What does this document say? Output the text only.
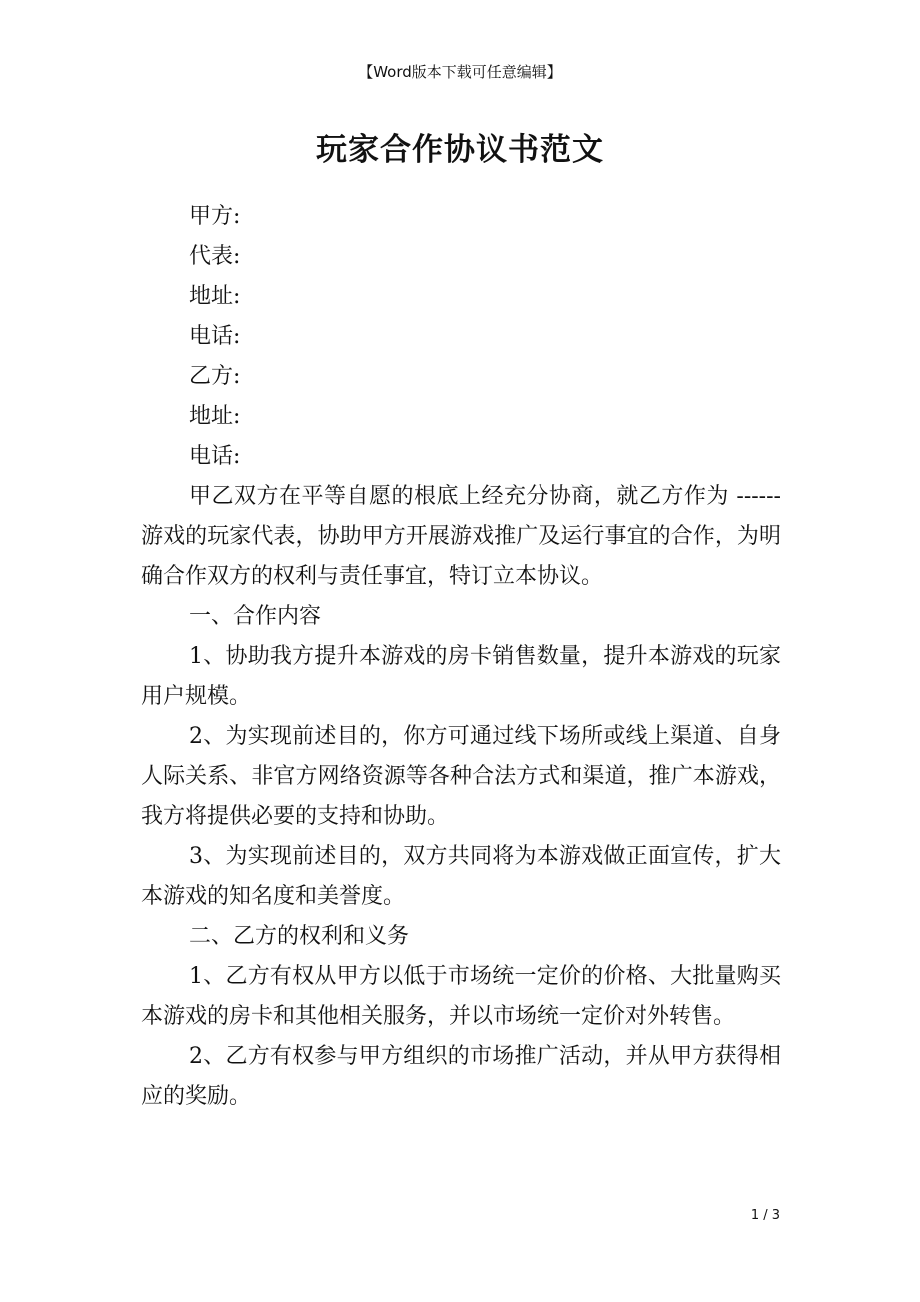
【Word版本下载可任意编辑】
玩家合作协议书范文
甲方:
代表:
地址:
电话:
乙方:
地址:
电话:

甲乙双方在平等自愿的根底上经充分协商，就乙方作为 ------游戏的玩家代表，协助甲方开展游戏推广及运行事宜的合作，为明确合作双方的权利与责任事宜，特订立本协议。

一、合作内容

1、协助我方提升本游戏的房卡销售数量，提升本游戏的玩家用户规模。

2、为实现前述目的，你方可通过线下场所或线上渠道、自身人际关系、非官方网络资源等各种合法方式和渠道，推广本游戏，我方将提供必要的支持和协助。

3、为实现前述目的，双方共同将为本游戏做正面宣传，扩大本游戏的知名度和美誉度。

二、乙方的权利和义务

1、乙方有权从甲方以低于市场统一定价的价格、大批量购买本游戏的房卡和其他相关服务，并以市场统一定价对外转售。

2、乙方有权参与甲方组织的市场推广活动，并从甲方获得相应的奖励。

1 / 3
